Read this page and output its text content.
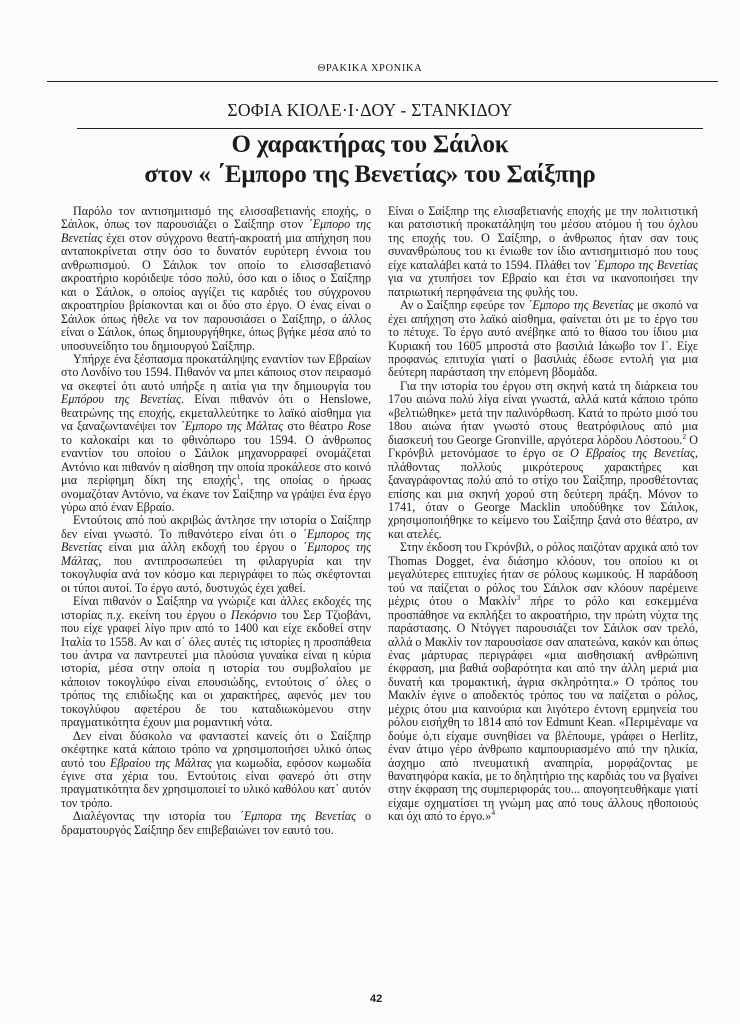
ΘΡΑΚΙΚΑ ΧΡΟΝΙΚΑ
ΣΟΦΙΑ ΚΙΟΛΕ·Ι·ΔΟΥ - ΣΤΑΝΚΙΔΟΥ
Ο χαρακτήρας του Σάιλοκ
στον « ΄Εμπορο της Βενετίας» του Σαίξπηρ

Παρόλο τον αντισημιτισμό της ελισσαβετιανής εποχής, ο Σάιλοκ, όπως τον παρουσιάζει ο Σαίξπηρ στον ΄Εμπορο της Βενετίας έχει στον σύγχρονο θεατή-ακροατή μια απήχηση που ανταποκρίνεται στην όσο το δυνατόν ευρύτερη έννοια του ανθρωπισμού. Ο Σάιλοκ τον οποίο το ελισσαβετιανό ακροατήριο κορόιδεψε τόσο πολύ, όσο και ο ίδιος ο Σαίξπηρ και ο Σάιλοκ, ο οποίος αγγίζει τις καρδιές του σύγχρονου ακροατηρίου βρίσκονται και οι δύο στο έργο. Ο ένας είναι ο Σάιλοκ όπως ήθελε να τον παρουσιάσει ο Σαίξπηρ, ο άλλος είναι ο Σάιλοκ, όπως δημιουργήθηκε, όπως βγήκε μέσα από το υποσυνείδητο του δημιουργού Σαίξπηρ.

Υπήρχε ένα ξέσπασμα προκατάληψης εναντίον των Εβραίων στο Λονδίνο του 1594. Πιθανόν να μπει κάποιος στον πειρασμό να σκεφτεί ότι αυτό υπήρξε η αιτία για την δημιουργία του Εμπόρου της Βενετίας. Είναι πιθανόν ότι ο Henslowe, θεατρώνης της εποχής, εκμεταλλεύτηκε το λαϊκό αίσθημα για να ξαναζωντανέψει τον ΄Εμπορο της Μάλτας στο θέατρο Rose το καλοκαίρι και το φθινόπωρο του 1594. Ο άνθρωπος εναντίον του οποίου ο Σάιλοκ μηχανορραφεί ονομάζεται Αντόνιο και πιθανόν η αίσθηση την οποία προκάλεσε στο κοινό μια περίφημη δίκη της εποχής$^1$, της οποίας ο ήρωας ονομαζόταν Αντόνιο, να έκανε τον Σαίξπηρ να γράψει ένα έργο γύρω από έναν Εβραίο.

Εντούτοις από πού ακριβώς άντλησε την ιστορία ο Σαίξπηρ δεν είναι γνωστό. Το πιθανότερο είναι ότι ο ΄Εμπορος της Βενετίας είναι μια άλλη εκδοχή του έργου ο ΄Εμπορος της Μάλτας, που αντιπροσωπεύει τη φιλαργυρία και την τοκογλυφία ανά τον κόσμο και περιγράφει το πώς σκέφτονται οι τύποι αυτοί. Το έργο αυτό, δυστυχώς έχει χαθεί.

Είναι πιθανόν ο Σαίξπηρ να γνώριζε και άλλες εκδοχές της ιστορίας π.χ. εκείνη του έργου ο Πεκόρνιο του Σερ Τζιοβάνι, που είχε γραφεί λίγο πριν από το 1400 και είχε εκδοθεί στην Ιταλία το 1558. Αν και σ΄ όλες αυτές τις ιστορίες η προσπάθεια του άντρα να παντρευτεί μια πλούσια γυναίκα είναι η κύρια ιστορία, μέσα στην οποία η ιστορία του συμβολαίου με κάποιον τοκογλύφο είναι επουσιώδης, εντούτοις σ΄ όλες ο τρόπος της επιδίωξης και οι χαρακτήρες, αφενός μεν του τοκογλύφου αφετέρου δε του καταδιωκόμενου στην πραγματικότητα έχουν μια ρομαντική νότα.

Δεν είναι δύσκολο να φανταστεί κανείς ότι ο Σαίξπηρ σκέφτηκε κατά κάποιο τρόπο να χρησιμοποιήσει υλικό όπως αυτό του Εβραίου της Μάλτας για κωμωδία, εφόσον κωμωδία έγινε στα χέρια του. Εντούτοις είναι φανερό ότι στην πραγματικότητα δεν χρησιμοποιεί το υλικό καθόλου κατ΄ αυτόν τον τρόπο.

Διαλέγοντας την ιστορία του ΄Εμπορα της Βενετίας ο δραματουργός Σαίξπηρ δεν επιβεβαιώνει τον εαυτό του.

Είναι ο Σαίξπηρ της ελισαβετιανής εποχής με την πολιτιστική και ρατσιστική προκατάληψη του μέσου ατόμου ή του όχλου της εποχής του. Ο Σαίξπηρ, ο άνθρωπος ήταν σαν τους συνανθρώπους του κι ένιωθε τον ίδιο αντισημιτισμό που τους είχε καταλάβει κατά το 1594. Πλάθει τον ΄Εμπορο της Βενετίας για να χτυπήσει τον Εβραίο και έτσι να ικανοποιήσει την πατριωτική περηφάνεια της φυλής του.

Αν ο Σαίξπηρ εφεύρε τον ΄Εμπορο της Βενετίας με σκοπό να έχει απήχηση στο λαϊκό αίσθημα, φαίνεται ότι με το έργο του το πέτυχε. Το έργο αυτό ανέβηκε από το θίασο του ίδιου μια Κυριακή του 1605 μπροστά στο βασιλιά Ιάκωβο τον Ι΄. Είχε προφανώς επιτυχία γιατί ο βασιλιάς έδωσε εντολή για μια δεύτερη παράσταση την επόμενη βδομάδα.

Για την ιστορία του έργου στη σκηνή κατά τη διάρκεια του 17ου αιώνα πολύ λίγα είναι γνωστά, αλλά κατά κάποιο τρόπο «βελτιώθηκε» μετά την παλινόρθωση. Κατά το πρώτο μισό του 18ου αιώνα ήταν γνωστό στους θεατρόφιλους από μια διασκευή του George Gronville, αργότερα λόρδου Λόστοου.$^2$ Ο Γκρόνβιλ μετονόμασε το έργο σε Ο Εβραίος της Βενετίας, πλάθοντας πολλούς μικρότερους χαρακτήρες και ξαναγράφοντας πολύ από το στίχο του Σαίξπηρ, προσθέτοντας επίσης και μια σκηνή χορού στη δεύτερη πράξη. Μόνον το 1741, όταν ο George Macklin υποδύθηκε τον Σάιλοκ, χρησιμοποιήθηκε το κείμενο του Σαίξπηρ ξανά στο θέατρο, αν και ατελές.

Στην έκδοση του Γκρόνβιλ, ο ρόλος παιζόταν αρχικά από τον Thomas Dogget, ένα διάσημο κλόουν, του οποίου κι οι μεγαλύτερες επιτυχίες ήταν σε ρόλους κωμικούς. Η παράδοση τού να παίζεται ο ρόλος του Σάιλοκ σαν κλόουν παρέμεινε μέχρις ότου ο Μακλίν$^3$ πήρε το ρόλο και εσκεμμένα προσπάθησε να εκπλήξει το ακροατήριο, την πρώτη νύχτα της παράστασης. Ο Ντόγγετ παρουσιάζει τον Σάιλοκ σαν τρελό, αλλά ο Μακλίν τον παρουσίασε σαν απατεώνα, κακόν και όπως ένας μάρτυρας περιγράφει «μια αισθησιακή ανθρώπινη έκφραση, μια βαθιά σοβαρότητα και από την άλλη μεριά μια δυνατή και τρομακτική, άγρια σκληρότητα.» Ο τρόπος του Μακλίν έγινε ο αποδεκτός τρόπος του να παίζεται ο ρόλος, μέχρις ότου μια καινούρια και λιγότερο έντονη ερμηνεία του ρόλου εισήχθη το 1814 από τον Edmunt Kean. «Περιμέναμε να δούμε ό,τι είχαμε συνηθίσει να βλέπουμε, γράφει ο Herlitz, έναν άτιμο γέρο άνθρωπο καμπουριασμένο από την ηλικία, άσχημο από πνευματική αναπηρία, μορφάζοντας με θανατηφόρα κακία, με το δηλητήριο της καρδιάς του να βγαίνει στην έκφραση της συμπεριφοράς του... απογοητευθήκαμε γιατί είχαμε σχηματίσει τη γνώμη μας από τους άλλους ηθοποιούς και όχι από το έργο.»$^4$

42
